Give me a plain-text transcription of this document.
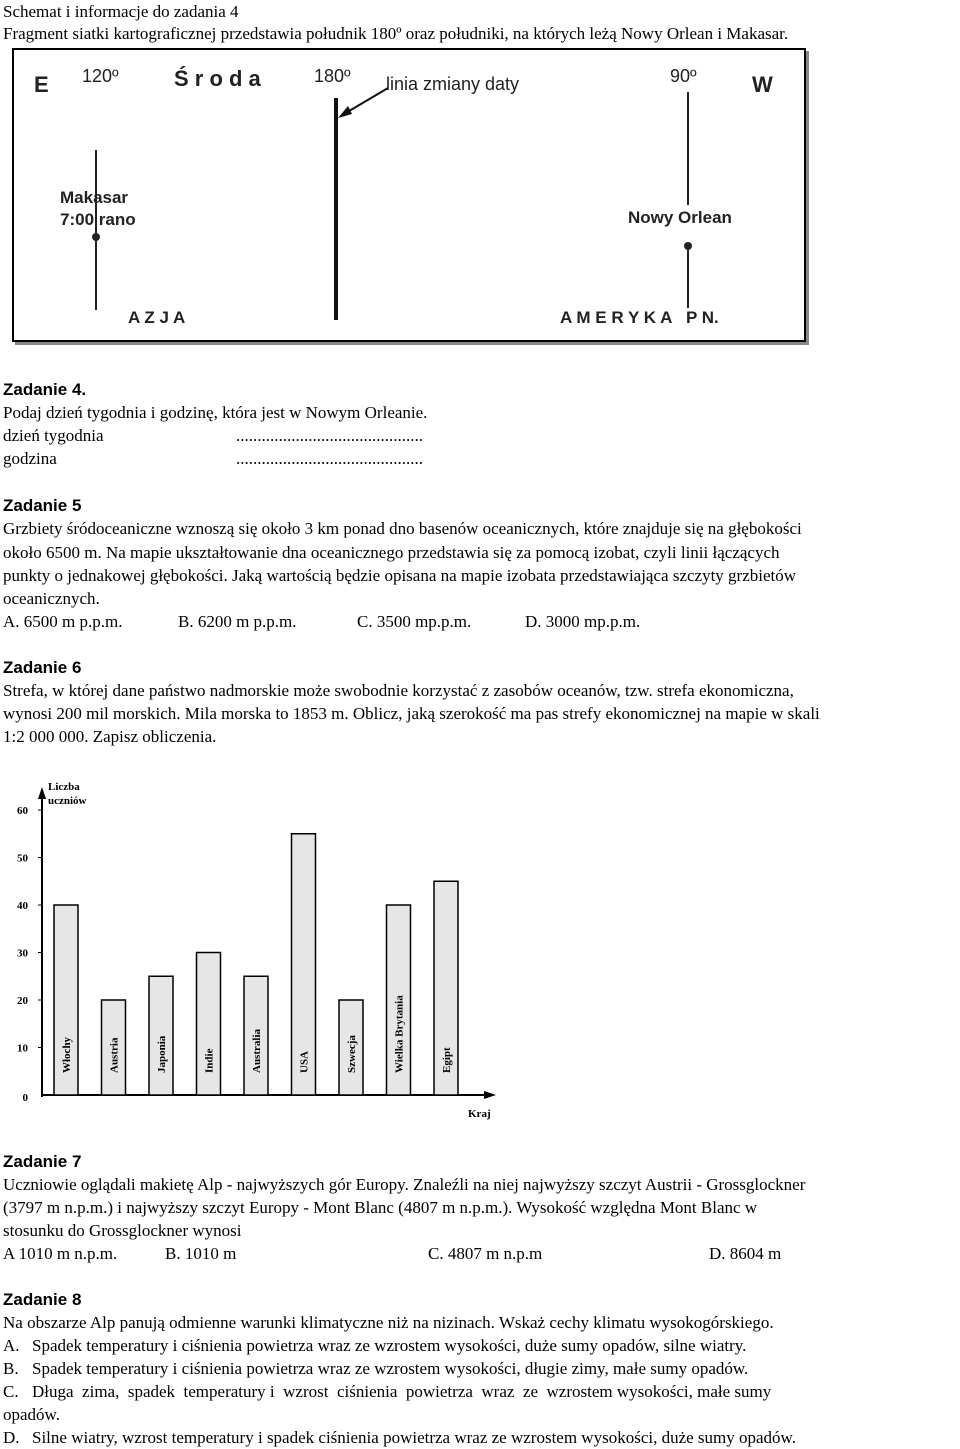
Schemat i informacje do zadania 4
Fragment siatki kartograficznej przedstawia południk 180º oraz południki, na których leżą Nowy Orlean i Makasar.
E 120º	Ś r o d a	180º linia zmiany daty	90º	W
Makasar
7:00 rano	Nowy Orlean
A Z J A	A M E R Y K A   P N.
Zadanie 4.
Podaj dzień tygodnia i godzinę, która jest w Nowym Orleanie.
dzień tygodnia	............................................
godzina	............................................
Zadanie 5
Grzbiety śródoceaniczne wznoszą się około 3 km ponad dno basenów oceanicznych, które znajduje się na głębokości
około 6500 m. Na mapie ukształtowanie dna oceanicznego przedstawia się za pomocą izobat, czyli linii łączących
punkty o jednakowej głębokości. Jaką wartością będzie opisana na mapie izobata przedstawiająca szczyty grzbietów
oceanicznych.
A. 6500 m p.p.m.	B. 6200 m p.p.m.	C. 3500 mp.p.m.	D. 3000 mp.p.m.
Zadanie 6
Strefa, w której dane państwo nadmorskie może swobodnie korzystać z zasobów oceanów, tzw. strefa ekonomiczna,
wynosi 200 mil morskich. Mila morska to 1853 m. Oblicz, jaką szerokość ma pas strefy ekonomicznej na mapie w skali
1:2 000 000. Zapisz obliczenia.
Liczba
uczniów
Kraj
0
10
20
30
40
50
60
Włochy	Austria	Japonia	Indie	Australia	USA	Szwecja	Wielka Brytania	Egipt
Zadanie 7
Uczniowie oglądali makietę Alp - najwyższych gór Europy. Znaleźli na niej najwyższy szczyt Austrii - Grossglockner
(3797 m n.p.m.) i najwyższy szczyt Europy - Mont Blanc (4807 m n.p.m.). Wysokość względna Mont Blanc w
stosunku do Grossglockner wynosi
A 1010 m n.p.m.	B. 1010 m	C. 4807 m n.p.m	D. 8604 m
Zadanie 8
Na obszarze Alp panują odmienne warunki klimatyczne niż na nizinach. Wskaż cechy klimatu wysokogórskiego.
A. Spadek temperatury i ciśnienia powietrza wraz ze wzrostem wysokości, duże sumy opadów, silne wiatry.
B. Spadek temperatury i ciśnienia powietrza wraz ze wzrostem wysokości, długie zimy, małe sumy opadów.
C. Długa  zima,  spadek  temperatury i  wzrost  ciśnienia  powietrza  wraz  ze  wzrostem wysokości, małe sumy
opadów.
D. Silne wiatry, wzrost temperatury i spadek ciśnienia powietrza wraz ze wzrostem wysokości, duże sumy opadów.
